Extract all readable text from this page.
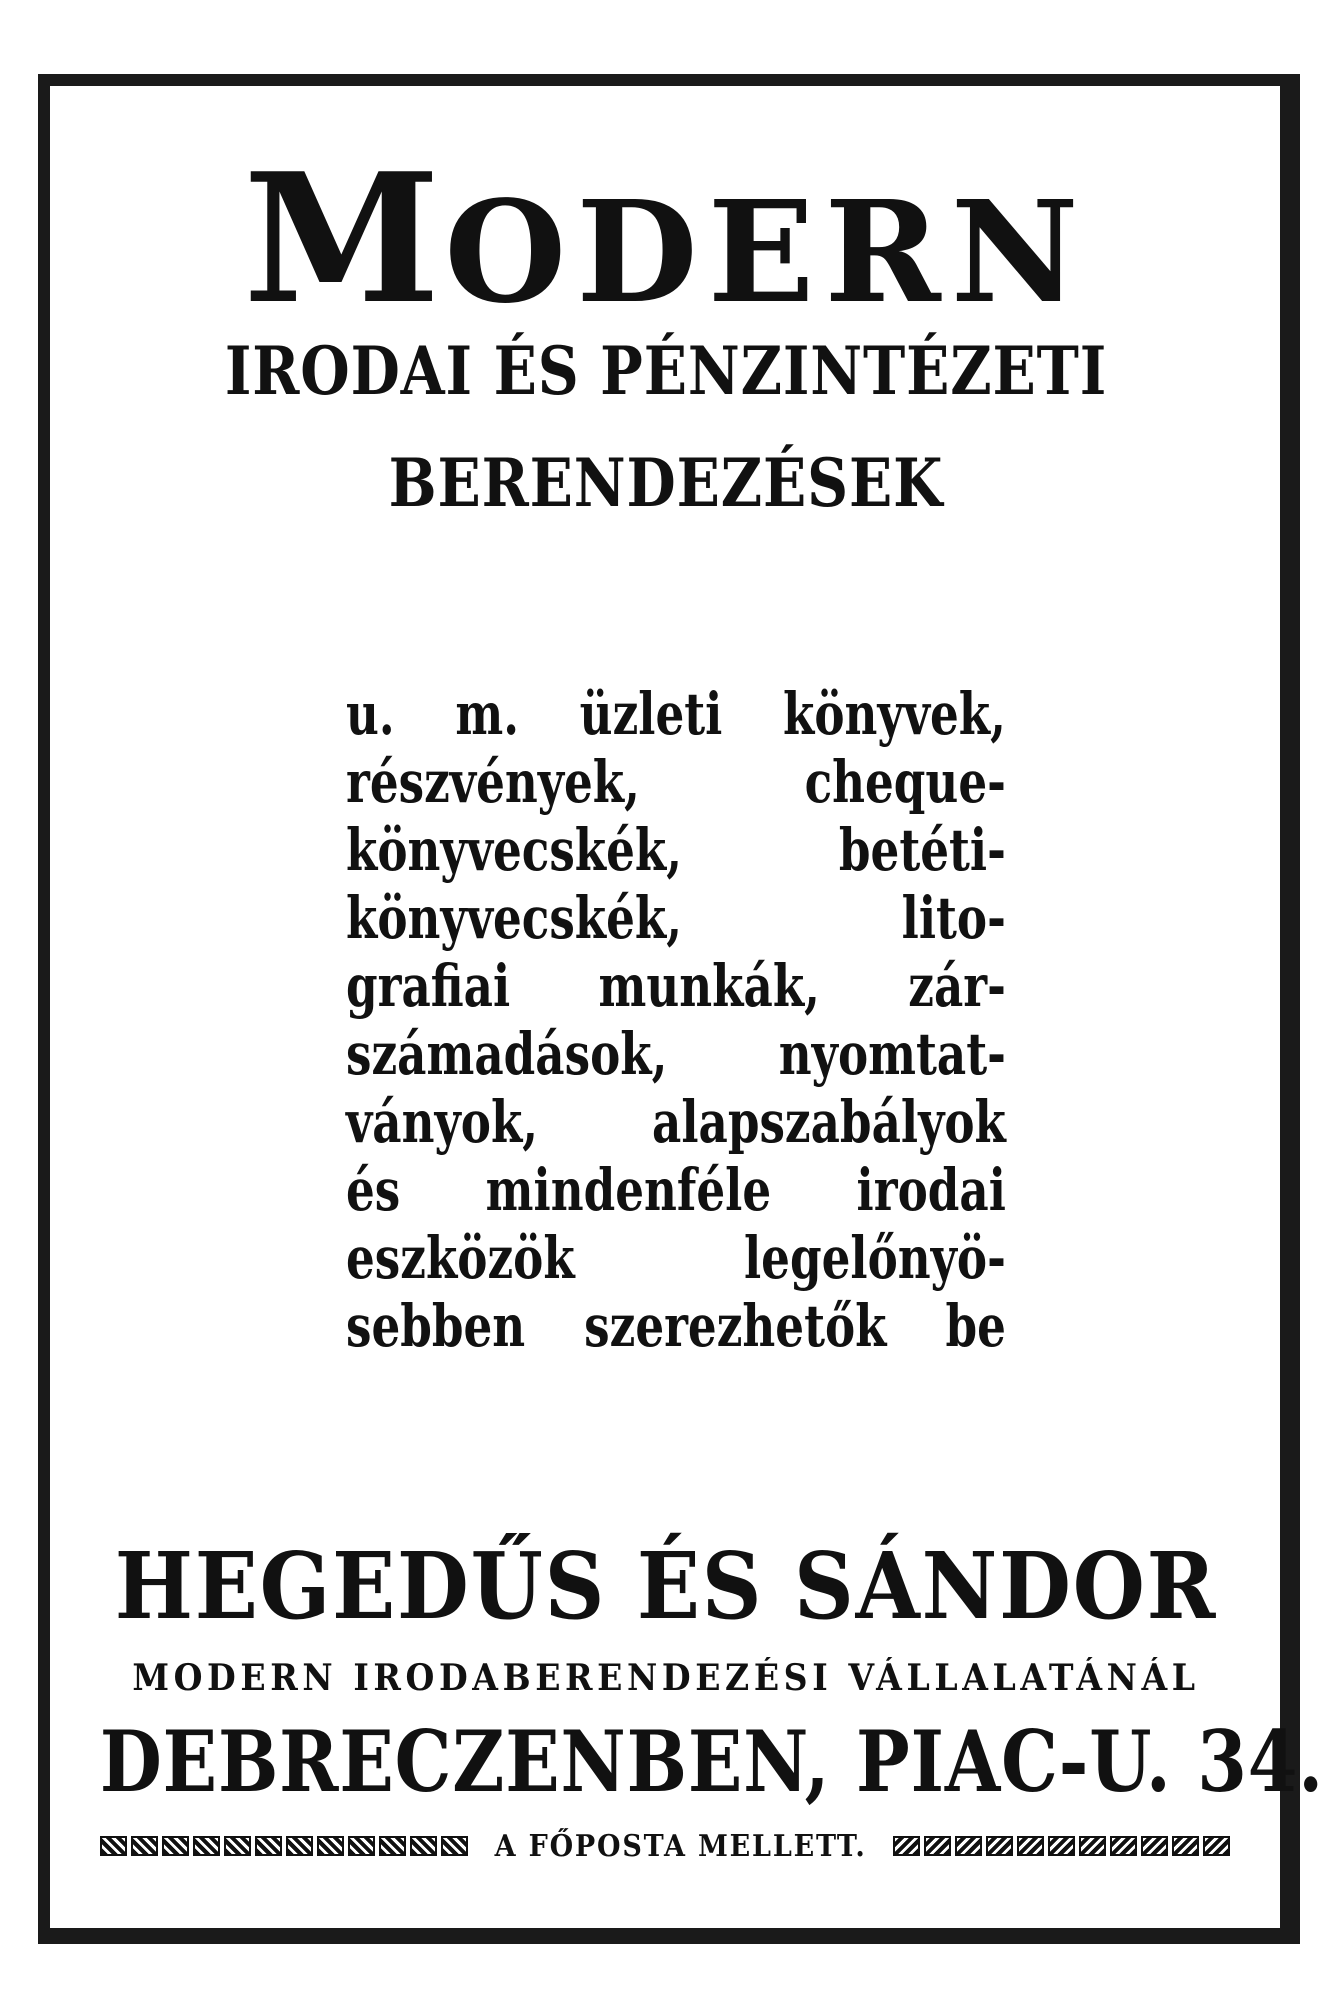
MODERN
IRODAI ÉS PÉNZINTÉZETI
BERENDEZÉSEK
u. m. üzleti könyvek,
részvények, cheque-
könyvecskék, betéti-
könyvecskék, lito-
grafiai munkák, zár-
számadások, nyomtat-
ványok, alapszabályok
és mindenféle irodai
eszközök legelőnyö-
sebben szerezhetők be
HEGEDŰS ÉS SÁNDOR
MODERN IRODABERENDEZÉSI VÁLLALATÁNÁL
DEBRECZENBEN, PIAC-U. 34.
A FŐPOSTA MELLETT.
